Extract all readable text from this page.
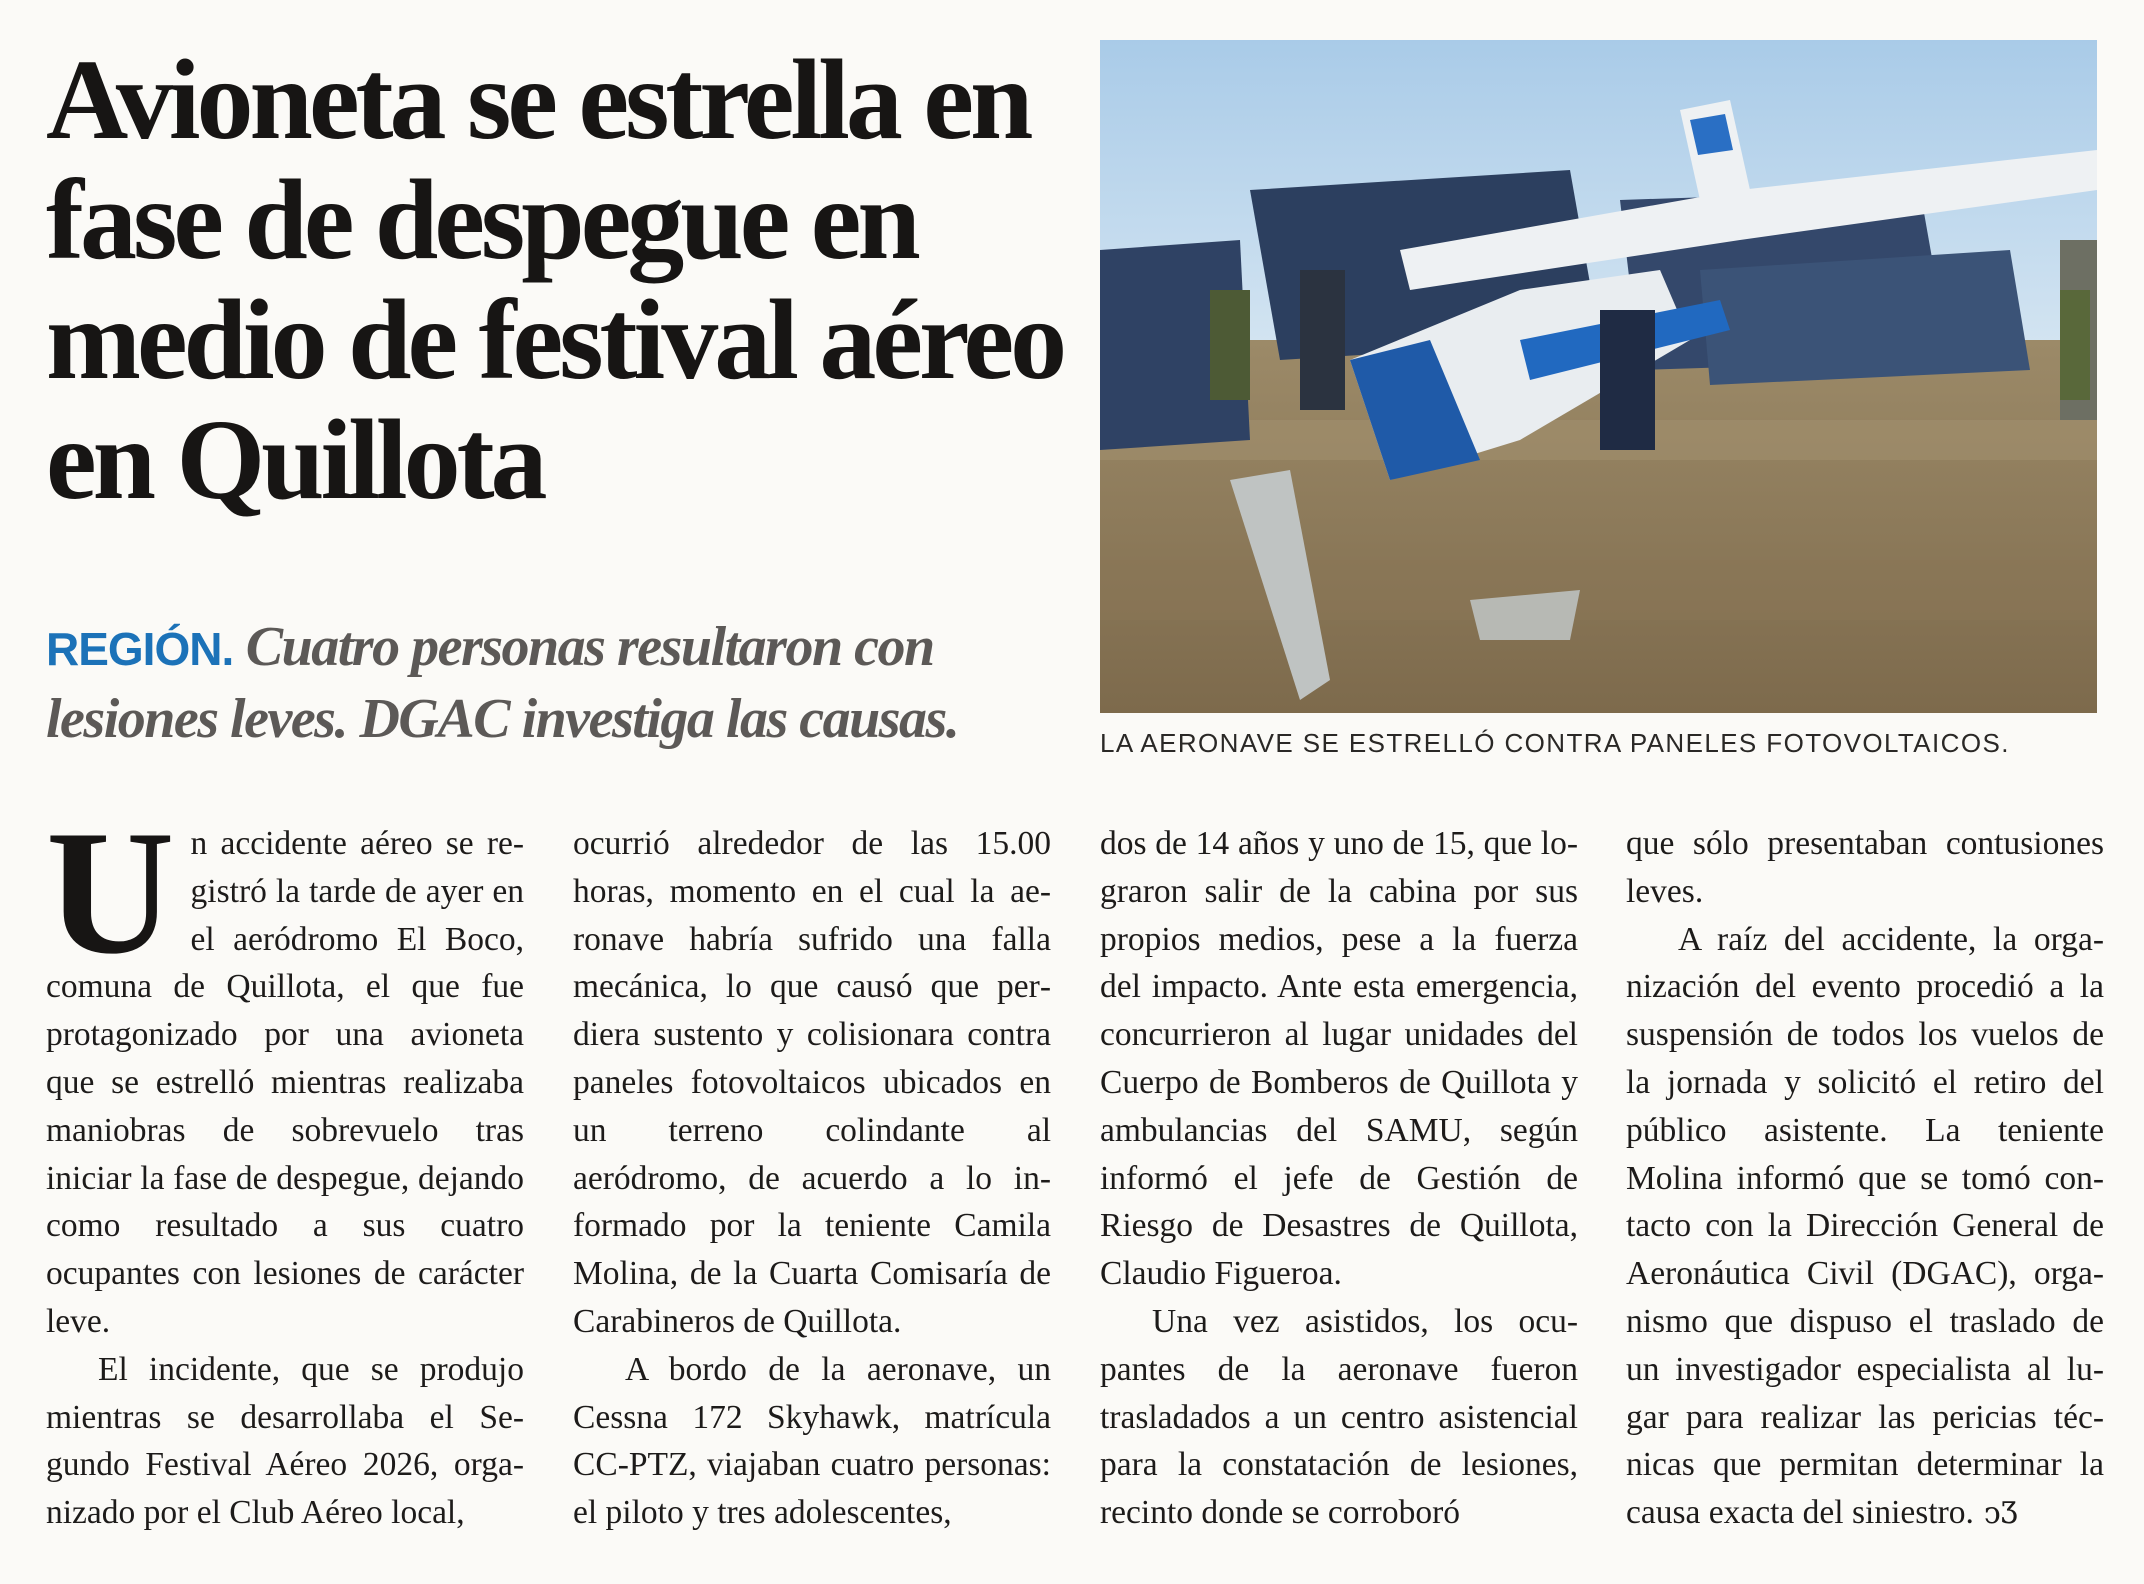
Avioneta se estrella en fase de despegue en medio de festival aéreo en Quillota

REGIÓN. Cuatro personas resultaron con lesiones leves. DGAC investiga las causas.	LA AERONAVE SE ESTRELLÓ CONTRA PANELES FOTOVOLTAICOS.

Un accidente aéreo se registró la tarde de ayer en el aeródromo El Boco, comuna de Quillota, el que fue protagonizado por una avioneta que se estrelló mientras realizaba maniobras de sobrevuelo tras iniciar la fase de despegue, dejando como resultado a sus cuatro ocupantes con lesiones de carácter leve.

El incidente, que se produjo mientras se desarrollaba el Segundo Festival Aéreo 2026, organizado por el Club Aéreo local,

ocurrió alrededor de las 15.00 horas, momento en el cual la aeronave habría sufrido una falla mecánica, lo que causó que perdiera sustento y colisionara contra paneles fotovoltaicos ubicados en un terreno colindante al aeródromo, de acuerdo a lo informado por la teniente Camila Molina, de la Cuarta Comisaría de Carabineros de Quillota.

A bordo de la aeronave, un Cessna 172 Skyhawk, matrícula CC-PTZ, viajaban cuatro personas: el piloto y tres adolescentes,

dos de 14 años y uno de 15, que lograron salir de la cabina por sus propios medios, pese a la fuerza del impacto. Ante esta emergencia, concurrieron al lugar unidades del Cuerpo de Bomberos de Quillota y ambulancias del SAMU, según informó el jefe de Gestión de Riesgo de Desastres de Quillota, Claudio Figueroa.

Una vez asistidos, los ocupantes de la aeronave fueron trasladados a un centro asistencial para la constatación de lesiones, recinto donde se corroboró

que sólo presentaban contusiones leves.

A raíz del accidente, la organización del evento procedió a la suspensión de todos los vuelos de la jornada y solicitó el retiro del público asistente. La teniente Molina informó que se tomó contacto con la Dirección General de Aeronáutica Civil (DGAC), organismo que dispuso el traslado de un investigador especialista al lugar para realizar las pericias técnicas que permitan determinar la causa exacta del siniestro. ↄƷ
